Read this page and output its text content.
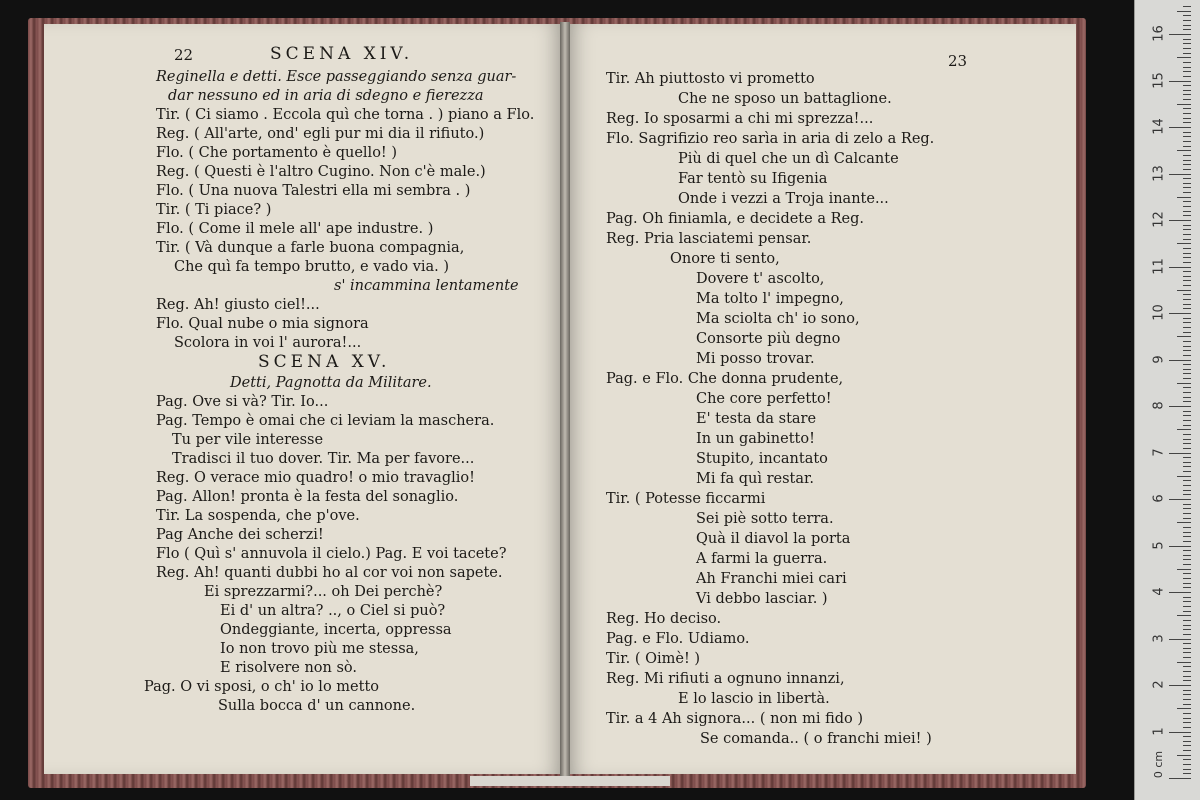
22	SCENA XIV.
Reginella e detti. Esce passeggiando senza guar-
dar nessuno ed in aria di sdegno e fierezza
Tir. ( Ci siamo . Eccola quì che torna . ) piano a Flo.
Reg. ( All'arte, ond' egli pur mi dia il rifiuto.)
Flo. ( Che portamento è quello! )
Reg. ( Questi è l'altro Cugino. Non c'è male.)
Flo. ( Una nuova Talestri ella mi sembra . )
Tir. ( Ti piace? )
Flo. ( Come il mele all' ape industre. )
Tir. ( Và dunque a farle buona compagnia,
Che quì fa tempo brutto, e vado via. )
s' incammina lentamente
Reg. Ah! giusto ciel!...
Flo. Qual nube o mia signora
Scolora in voi l' aurora!...
SCENA XV.
Detti, Pagnotta da Militare.
Pag. Ove si và? Tir. Io...
Pag. Tempo è omai che ci leviam la maschera.
Tu per vile interesse
Tradisci il tuo dover. Tir. Ma per favore...
Reg. O verace mio quadro! o mio travaglio!
Pag. Allon! pronta è la festa del sonaglio.
Tir. La sospenda, che p'ove.
Pag Anche dei scherzi!
Flo ( Quì s' annuvola il cielo.) Pag. E voi tacete?
Reg. Ah! quanti dubbi ho al cor voi non sapete.
Ei sprezzarmi?... oh Dei perchè?
Ei d' un altra? .., o Ciel si può?
Ondeggiante, incerta, oppressa
Io non trovo più me stessa,
E risolvere non sò.
Pag. O vi sposi, o ch' io lo metto
Sulla bocca d' un cannone.
23
Tir. Ah piuttosto vi prometto
Che ne sposo un battaglione.
Reg. Io sposarmi a chi mi sprezza!...
Flo. Sagrifizio reo sarìa in aria di zelo a Reg.
Più di quel che un dì Calcante
Far tentò su Ifigenia
Onde i vezzi a Troja inante...
Pag. Oh finiamla, e decidete a Reg.
Reg. Pria lasciatemi pensar.
Onore ti sento,
Dovere t' ascolto,
Ma tolto l' impegno,
Ma sciolta ch' io sono,
Consorte più degno
Mi posso trovar.
Pag. e Flo. Che donna prudente,
Che core perfetto!
E' testa da stare
In un gabinetto!
Stupito, incantato
Mi fa quì restar.
Tir. ( Potesse ficcarmi
Sei piè sotto terra.
Quà il diavol la porta
A farmi la guerra.
Ah Franchi miei cari
Vi debbo lasciar. )
Reg. Ho deciso.
Pag. e Flo. Udiamo.
Tir. ( Oimè! )
Reg. Mi rifiuti a ognuno innanzi,
E lo lascio in libertà.
Tir. a 4 Ah signora... ( non mi fido )
Se comanda.. ( o franchi miei! )
0 cm
1
2
3
4
5
6
7
8
9
10
11
12
13
14
15
16
